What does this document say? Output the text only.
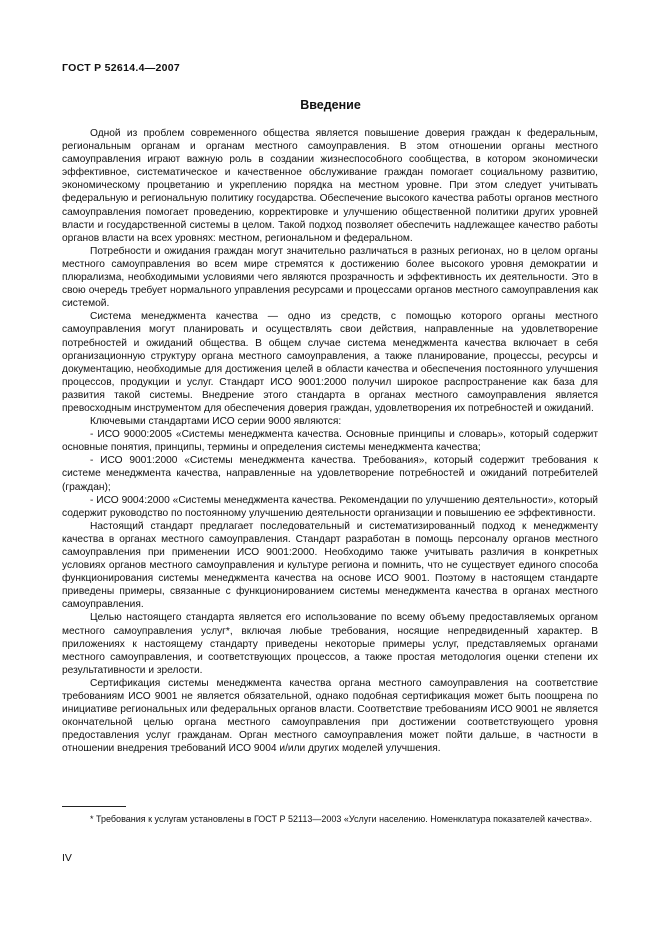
ГОСТ Р 52614.4—2007
Введение

Одной из проблем современного общества является повышение доверия граждан к федеральным, региональным органам и органам местного самоуправления. В этом отношении органы местного самоуправления играют важную роль в создании жизнеспособного сообщества, в котором экономически эффективное, систематическое и качественное обслуживание граждан помогает социальному развитию, экономическому процветанию и укреплению порядка на местном уровне. При этом следует учитывать федеральную и региональную политику государства. Обеспечение высокого качества работы органов местного самоуправления помогает проведению, корректировке и улучшению общественной политики других уровней власти и государственной системы в целом. Такой подход позволяет обеспечить надлежащее качество работы органов власти на всех уровнях: местном, региональном и федеральном.

Потребности и ожидания граждан могут значительно различаться в разных регионах, но в целом органы местного самоуправления во всем мире стремятся к достижению более высокого уровня демократии и плюрализма, необходимыми условиями чего являются прозрачность и эффективность их деятельности. Это в свою очередь требует нормального управления ресурсами и процессами органов местного самоуправления как системой.

Система менеджмента качества — одно из средств, с помощью которого органы местного самоуправления могут планировать и осуществлять свои действия, направленные на удовлетворение потребностей и ожиданий общества. В общем случае система менеджмента качества включает в себя организационную структуру органа местного самоуправления, а также планирование, процессы, ресурсы и документацию, необходимые для достижения целей в области качества и обеспечения постоянного улучшения процессов, продукции и услуг. Стандарт ИСО 9001:2000 получил широкое распространение как база для развития такой системы. Внедрение этого стандарта в органах местного самоуправления является превосходным инструментом для обеспечения доверия граждан, удовлетворения их потребностей и ожиданий.

Ключевыми стандартами ИСО серии 9000 являются:

- ИСО 9000:2005 «Системы менеджмента качества. Основные принципы и словарь», который содержит основные понятия, принципы, термины и определения системы менеджмента качества;

- ИСО 9001:2000 «Системы менеджмента качества. Требования», который содержит требования к системе менеджмента качества, направленные на удовлетворение потребностей и ожиданий потребителей (граждан);

- ИСО 9004:2000 «Системы менеджмента качества. Рекомендации по улучшению деятельности», который содержит руководство по постоянному улучшению деятельности организации и повышению ее эффективности.

Настоящий стандарт предлагает последовательный и систематизированный подход к менеджменту качества в органах местного самоуправления. Стандарт разработан в помощь персоналу органов местного самоуправления при применении ИСО 9001:2000. Необходимо также учитывать различия в конкретных условиях органов местного самоуправления и культуре региона и помнить, что не существует единого способа функционирования системы менеджмента качества на основе ИСО 9001. Поэтому в настоящем стандарте приведены примеры, связанные с функционированием системы менеджмента качества в органах местного самоуправления.

Целью настоящего стандарта является его использование по всему объему предоставляемых органом местного самоуправления услуг*, включая любые требования, носящие непредвиденный характер. В приложениях к настоящему стандарту приведены некоторые примеры услуг, представляемых органами местного самоуправления, и соответствующих процессов, а также простая методология оценки степени их результативности и зрелости.

Сертификация системы менеджмента качества органа местного самоуправления на соответствие требованиям ИСО 9001 не является обязательной, однако подобная сертификация может быть поощрена по инициативе региональных или федеральных органов власти. Соответствие требованиям ИСО 9001 не является окончательной целью органа местного самоуправления при достижении соответствующего уровня предоставления услуг гражданам. Орган местного самоуправления может пойти дальше, в частности в отношении внедрения требований ИСО 9004 и/или других моделей улучшения.

* Требования к услугам установлены в ГОСТ Р 52113—2003 «Услуги населению. Номенклатура показателей качества».
IV
